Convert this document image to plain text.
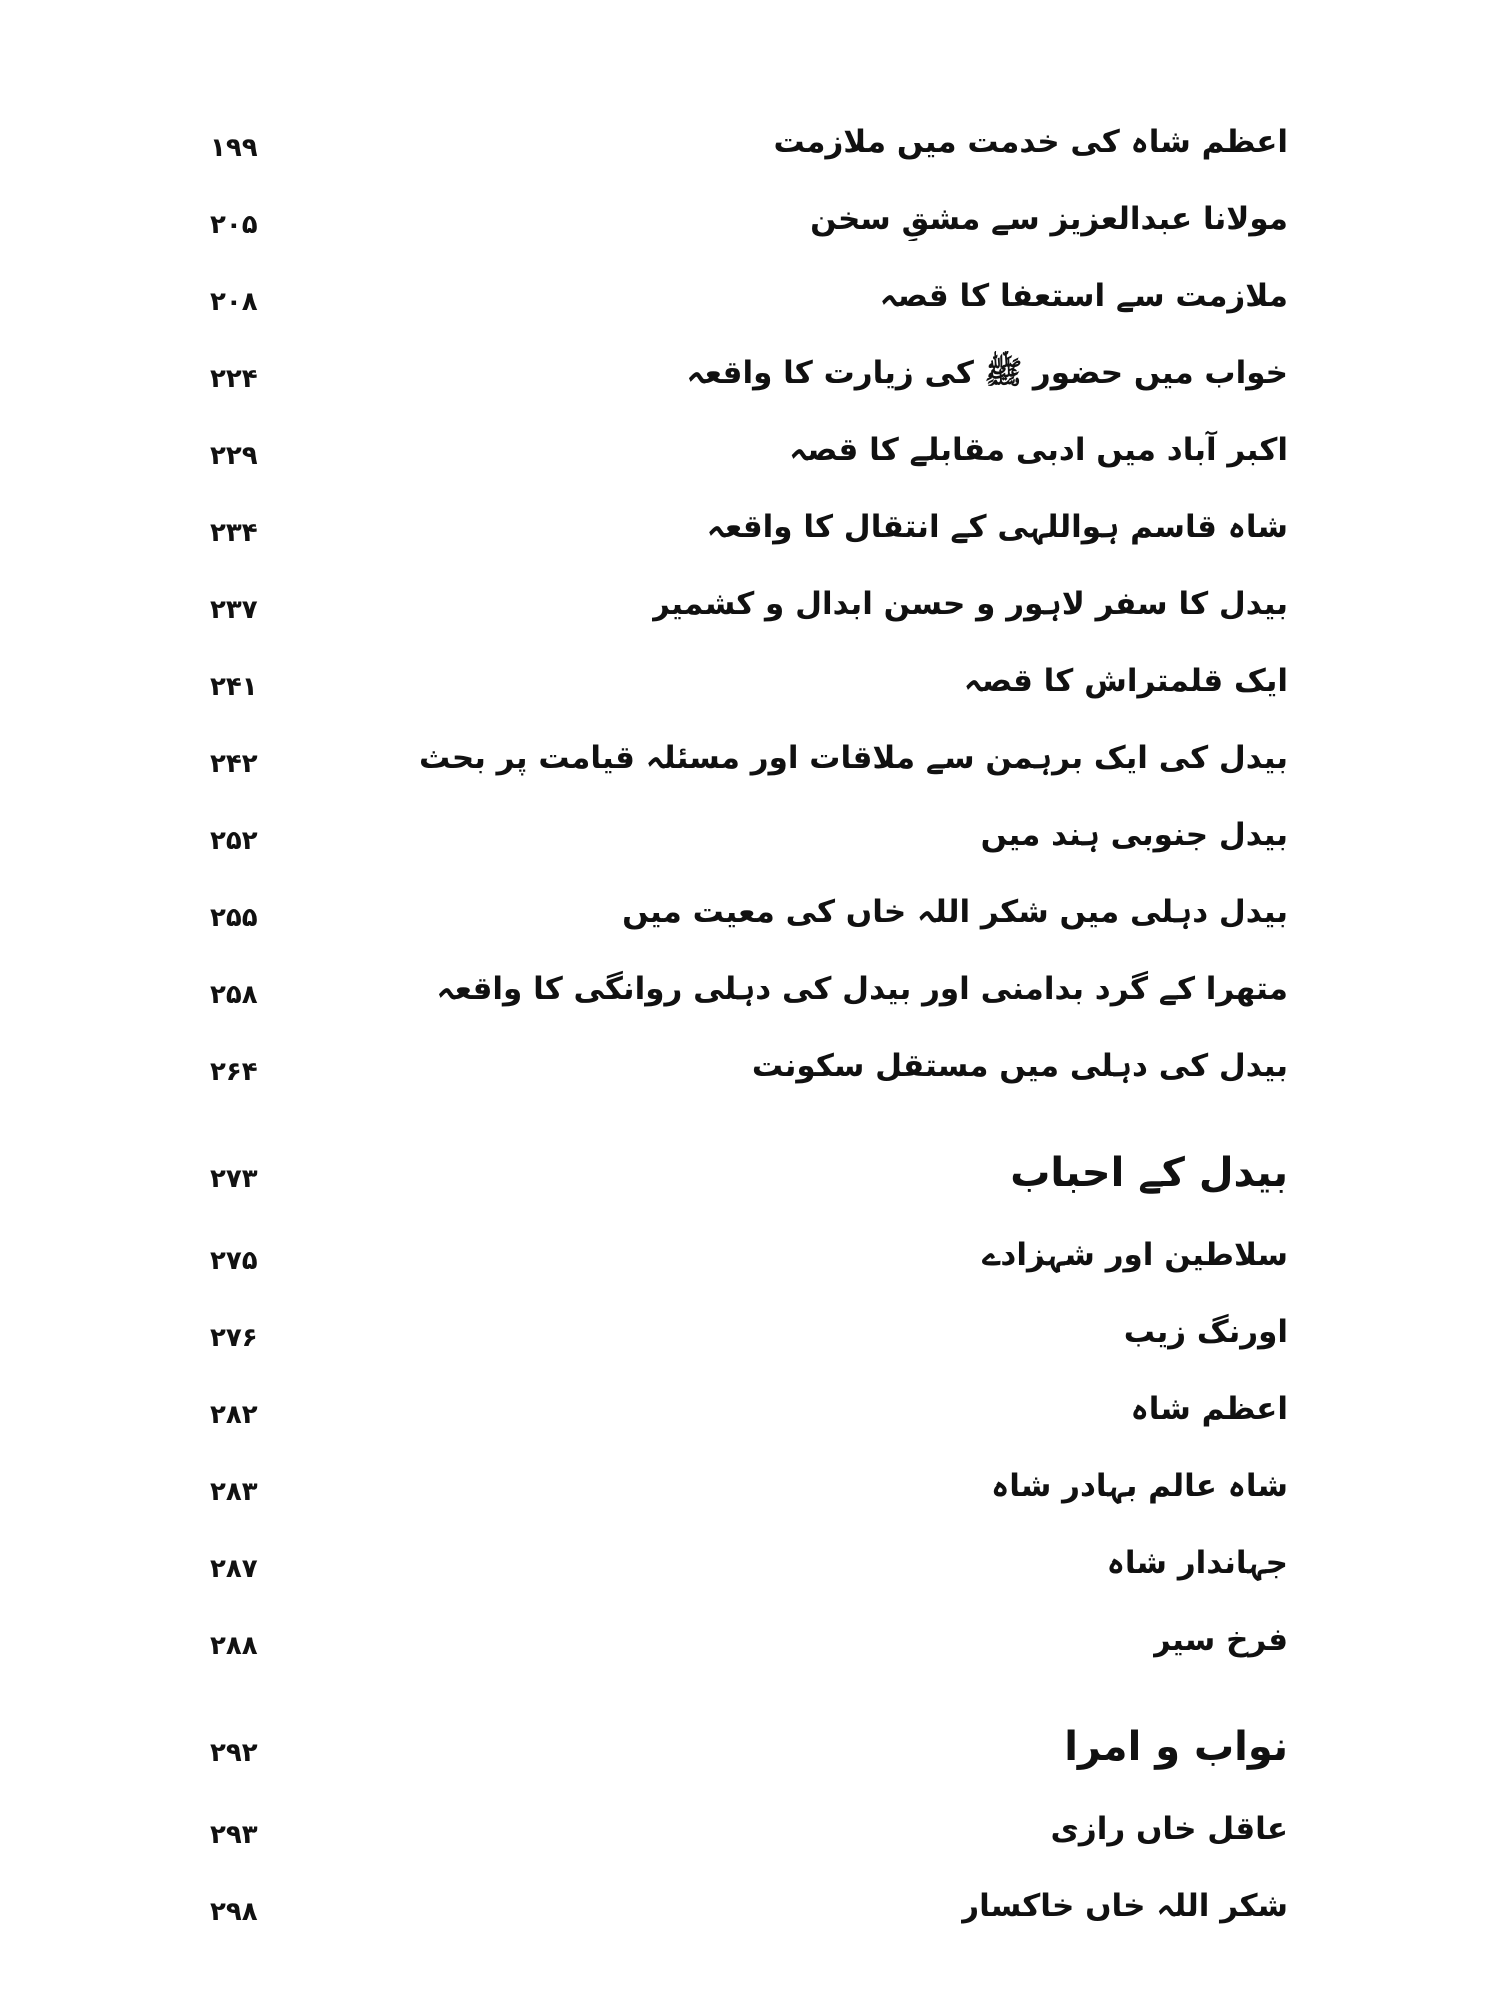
اعظم شاہ کی خدمت میں ملازمت
۱۹۹
مولانا عبدالعزیز سے مشقِ سخن
۲۰۵
ملازمت سے استعفا کا قصہ
۲۰۸
خواب میں حضور ﷺ کی زیارت کا واقعہ
۲۲۴
اکبر آباد میں ادبی مقابلے کا قصہ
۲۲۹
شاہ قاسم ہواللہی کے انتقال کا واقعہ
۲۳۴
بیدل کا سفر لاہور و حسن ابدال و کشمیر
۲۳۷
ایک قلمتراش کا قصہ
۲۴۱
بیدل کی ایک برہمن سے ملاقات اور مسئلہ قیامت پر بحث
۲۴۲
بیدل جنوبی ہند میں
۲۵۲
بیدل دہلی میں شکر اللہ خاں کی معیت میں
۲۵۵
متھرا کے گرد بدامنی اور بیدل کی دہلی روانگی کا واقعہ
۲۵۸
بیدل کی دہلی میں مستقل سکونت
۲۶۴
بیدل کے احباب
۲۷۳
سلاطین اور شہزادے
۲۷۵
اورنگ زیب
۲۷۶
اعظم شاہ
۲۸۲
شاہ عالم بہادر شاہ
۲۸۳
جہاندار شاہ
۲۸۷
فرخ سیر
۲۸۸
نواب و امرا
۲۹۲
عاقل خاں رازی
۲۹۳
شکر اللہ خاں خاکسار
۲۹۸
